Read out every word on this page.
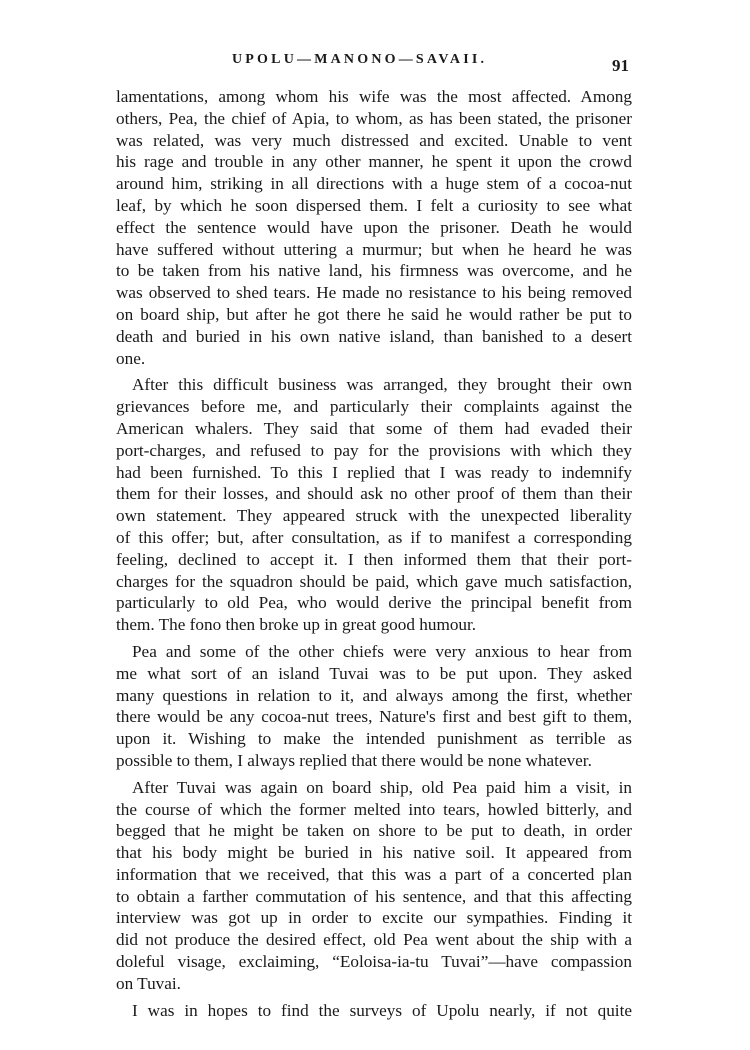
UPOLU—MANONO—SAVAII.	91
lamentations, among whom his wife was the most affected. Among
others, Pea, the chief of Apia, to whom, as has been stated, the prisoner
was related, was very much distressed and excited. Unable to vent
his rage and trouble in any other manner, he spent it upon the crowd
around him, striking in all directions with a huge stem of a cocoa-nut
leaf, by which he soon dispersed them. I felt a curiosity to see what
effect the sentence would have upon the prisoner. Death he would
have suffered without uttering a murmur; but when he heard he was
to be taken from his native land, his firmness was overcome, and he
was observed to shed tears. He made no resistance to his being removed
on board ship, but after he got there he said he would rather be put to
death and buried in his own native island, than banished to a desert
one.
After this difficult business was arranged, they brought their own
grievances before me, and particularly their complaints against the
American whalers. They said that some of them had evaded their
port-charges, and refused to pay for the provisions with which they
had been furnished. To this I replied that I was ready to indemnify
them for their losses, and should ask no other proof of them than their
own statement. They appeared struck with the unexpected liberality
of this offer; but, after consultation, as if to manifest a corresponding
feeling, declined to accept it. I then informed them that their port-
charges for the squadron should be paid, which gave much satisfaction,
particularly to old Pea, who would derive the principal benefit from
them. The fono then broke up in great good humour.
Pea and some of the other chiefs were very anxious to hear from
me what sort of an island Tuvai was to be put upon. They asked
many questions in relation to it, and always among the first, whether
there would be any cocoa-nut trees, Nature's first and best gift to them,
upon it. Wishing to make the intended punishment as terrible as
possible to them, I always replied that there would be none whatever.
After Tuvai was again on board ship, old Pea paid him a visit, in
the course of which the former melted into tears, howled bitterly, and
begged that he might be taken on shore to be put to death, in order
that his body might be buried in his native soil. It appeared from
information that we received, that this was a part of a concerted plan
to obtain a farther commutation of his sentence, and that this affecting
interview was got up in order to excite our sympathies. Finding it
did not produce the desired effect, old Pea went about the ship with a
doleful visage, exclaiming, “Eoloisa-ia-tu Tuvai”—have compassion
on Tuvai.
I was in hopes to find the surveys of Upolu nearly, if not quite
